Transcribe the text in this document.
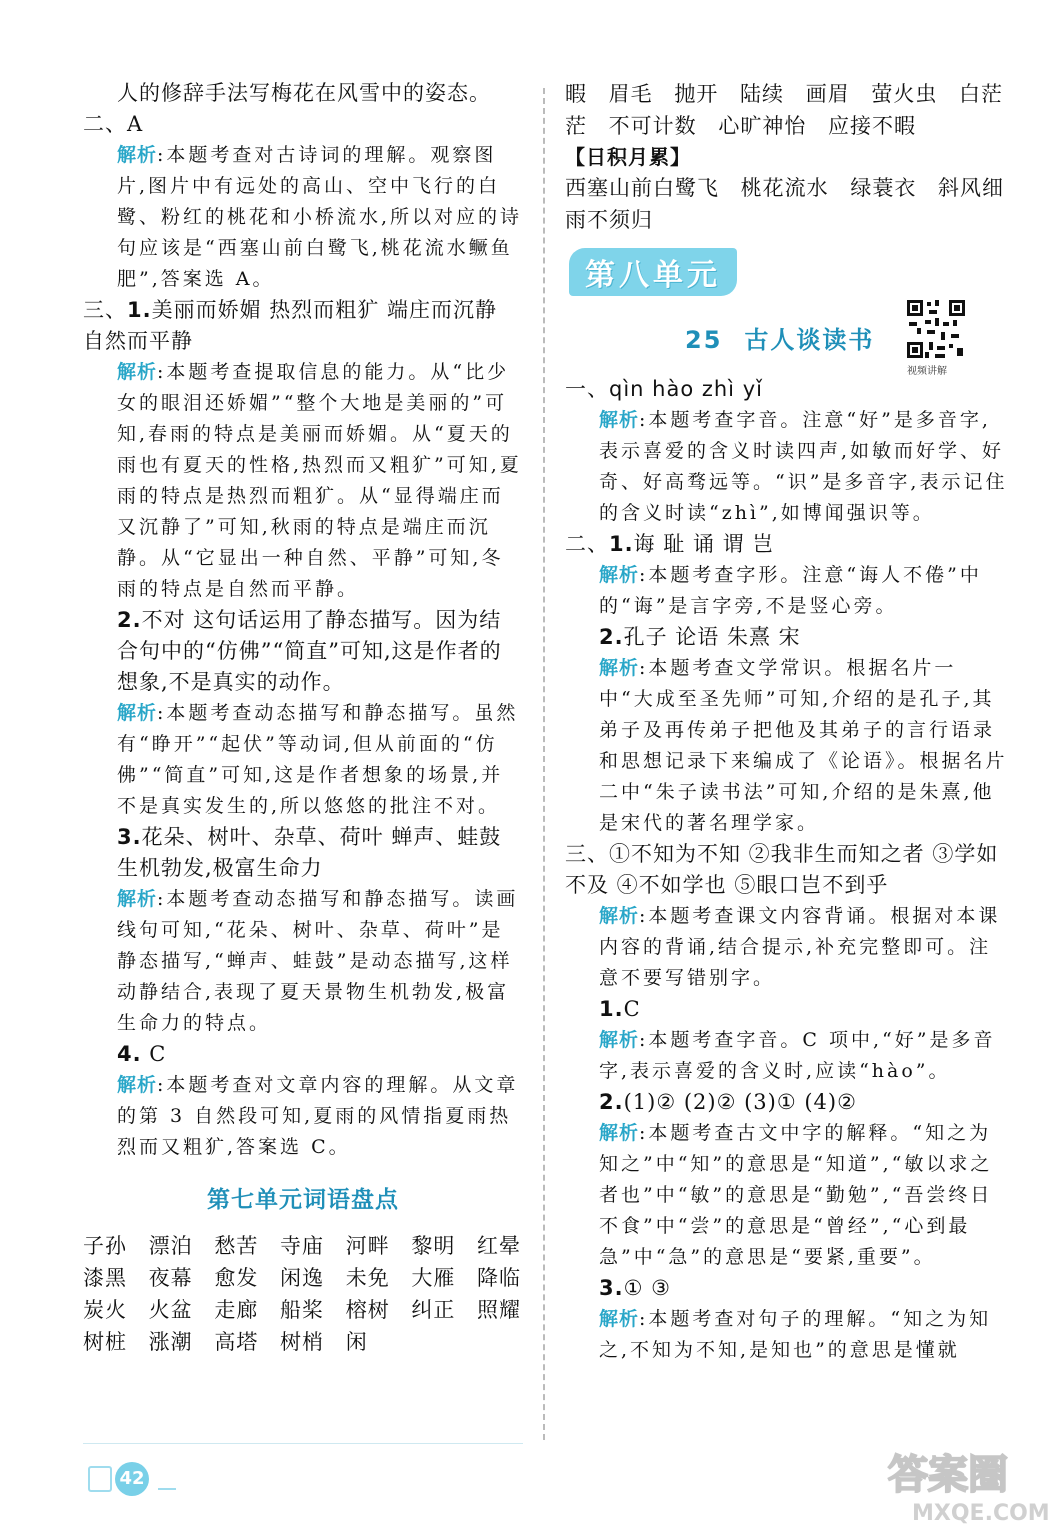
人的修辞手法写梅花在风雪中的姿态。
二、A
解析:本题考查对古诗词的理解。观察图片,图片中有远处的高山、空中飞行的白鹭、粉红的桃花和小桥流水,所以对应的诗句应该是“西塞山前白鹭飞,桃花流水鳜鱼肥”,答案选 A。
三、1.美丽而娇媚 热烈而粗犷 端庄而沉静 自然而平静
解析:本题考查提取信息的能力。从“比少女的眼泪还娇媚”“整个大地是美丽的”可知,春雨的特点是美丽而娇媚。从“夏天的雨也有夏天的性格,热烈而又粗犷”可知,夏雨的特点是热烈而粗犷。从“显得端庄而又沉静了”可知,秋雨的特点是端庄而沉静。从“它显出一种自然、平静”可知,冬雨的特点是自然而平静。
2.不对 这句话运用了静态描写。因为结合句中的“仿佛”“简直”可知,这是作者的想象,不是真实的动作。
解析:本题考查动态描写和静态描写。虽然有“睁开”“起伏”等动词,但从前面的“仿佛”“简直”可知,这是作者想象的场景,并不是真实发生的,所以悠悠的批注不对。
3.花朵、树叶、杂草、荷叶 蝉声、蛙鼓 生机勃发,极富生命力
解析:本题考查动态描写和静态描写。读画线句可知,“花朵、树叶、杂草、荷叶”是静态描写,“蝉声、蛙鼓”是动态描写,这样动静结合,表现了夏天景物生机勃发,极富生命力的特点。
4. C
解析:本题考查对文章内容的理解。从文章的第 3 自然段可知,夏雨的风情指夏雨热烈而又粗犷,答案选 C。
第七单元词语盘点
子孙 漂泊 愁苦 寺庙 河畔 黎明 红晕 漆黑 夜幕 愈发 闲逸 未免 大雁 降临 炭火 火盆 走廊 船桨 榕树 纠正 照耀 树桩 涨潮 高塔 树梢 闲
暇 眉毛 抛开 陆续 画眉 萤火虫 白茫茫 不可计数 心旷神怡 应接不暇
【日积月累】
西塞山前白鹭飞 桃花流水 绿蓑衣 斜风细雨不须归
第八单元
25 古人谈读书
视频讲解
一、qìn hào zhì yǐ
解析:本题考查字音。注意“好”是多音字,表示喜爱的含义时读四声,如敏而好学、好奇、好高骛远等。“识”是多音字,表示记住的含义时读“zhì”,如博闻强识等。
二、1.诲 耻 诵 谓 岂
解析:本题考查字形。注意“诲人不倦”中的“诲”是言字旁,不是竖心旁。
2.孔子 论语 朱熹 宋
解析:本题考查文学常识。根据名片一中“大成至圣先师”可知,介绍的是孔子,其弟子及再传弟子把他及其弟子的言行语录和思想记录下来编成了《论语》。根据名片二中“朱子读书法”可知,介绍的是朱熹,他是宋代的著名理学家。
三、①不知为不知 ②我非生而知之者 ③学如不及 ④不如学也 ⑤眼口岂不到乎
解析:本题考查课文内容背诵。根据对本课内容的背诵,结合提示,补充完整即可。注意不要写错别字。
1.C
解析:本题考查字音。C 项中,“好”是多音字,表示喜爱的含义时,应读“hào”。
2.(1)② (2)② (3)① (4)②
解析:本题考查古文中字的解释。“知之为知之”中“知”的意思是“知道”,“敏以求之者也”中“敏”的意思是“勤勉”,“吾尝终日不食”中“尝”的意思是“曾经”,“心到最急”中“急”的意思是“要紧,重要”。
3.① ③
解析:本题考查对句子的理解。“知之为知之,不知为不知,是知也”的意思是懂就
42	答案圈
MXQE.COM
